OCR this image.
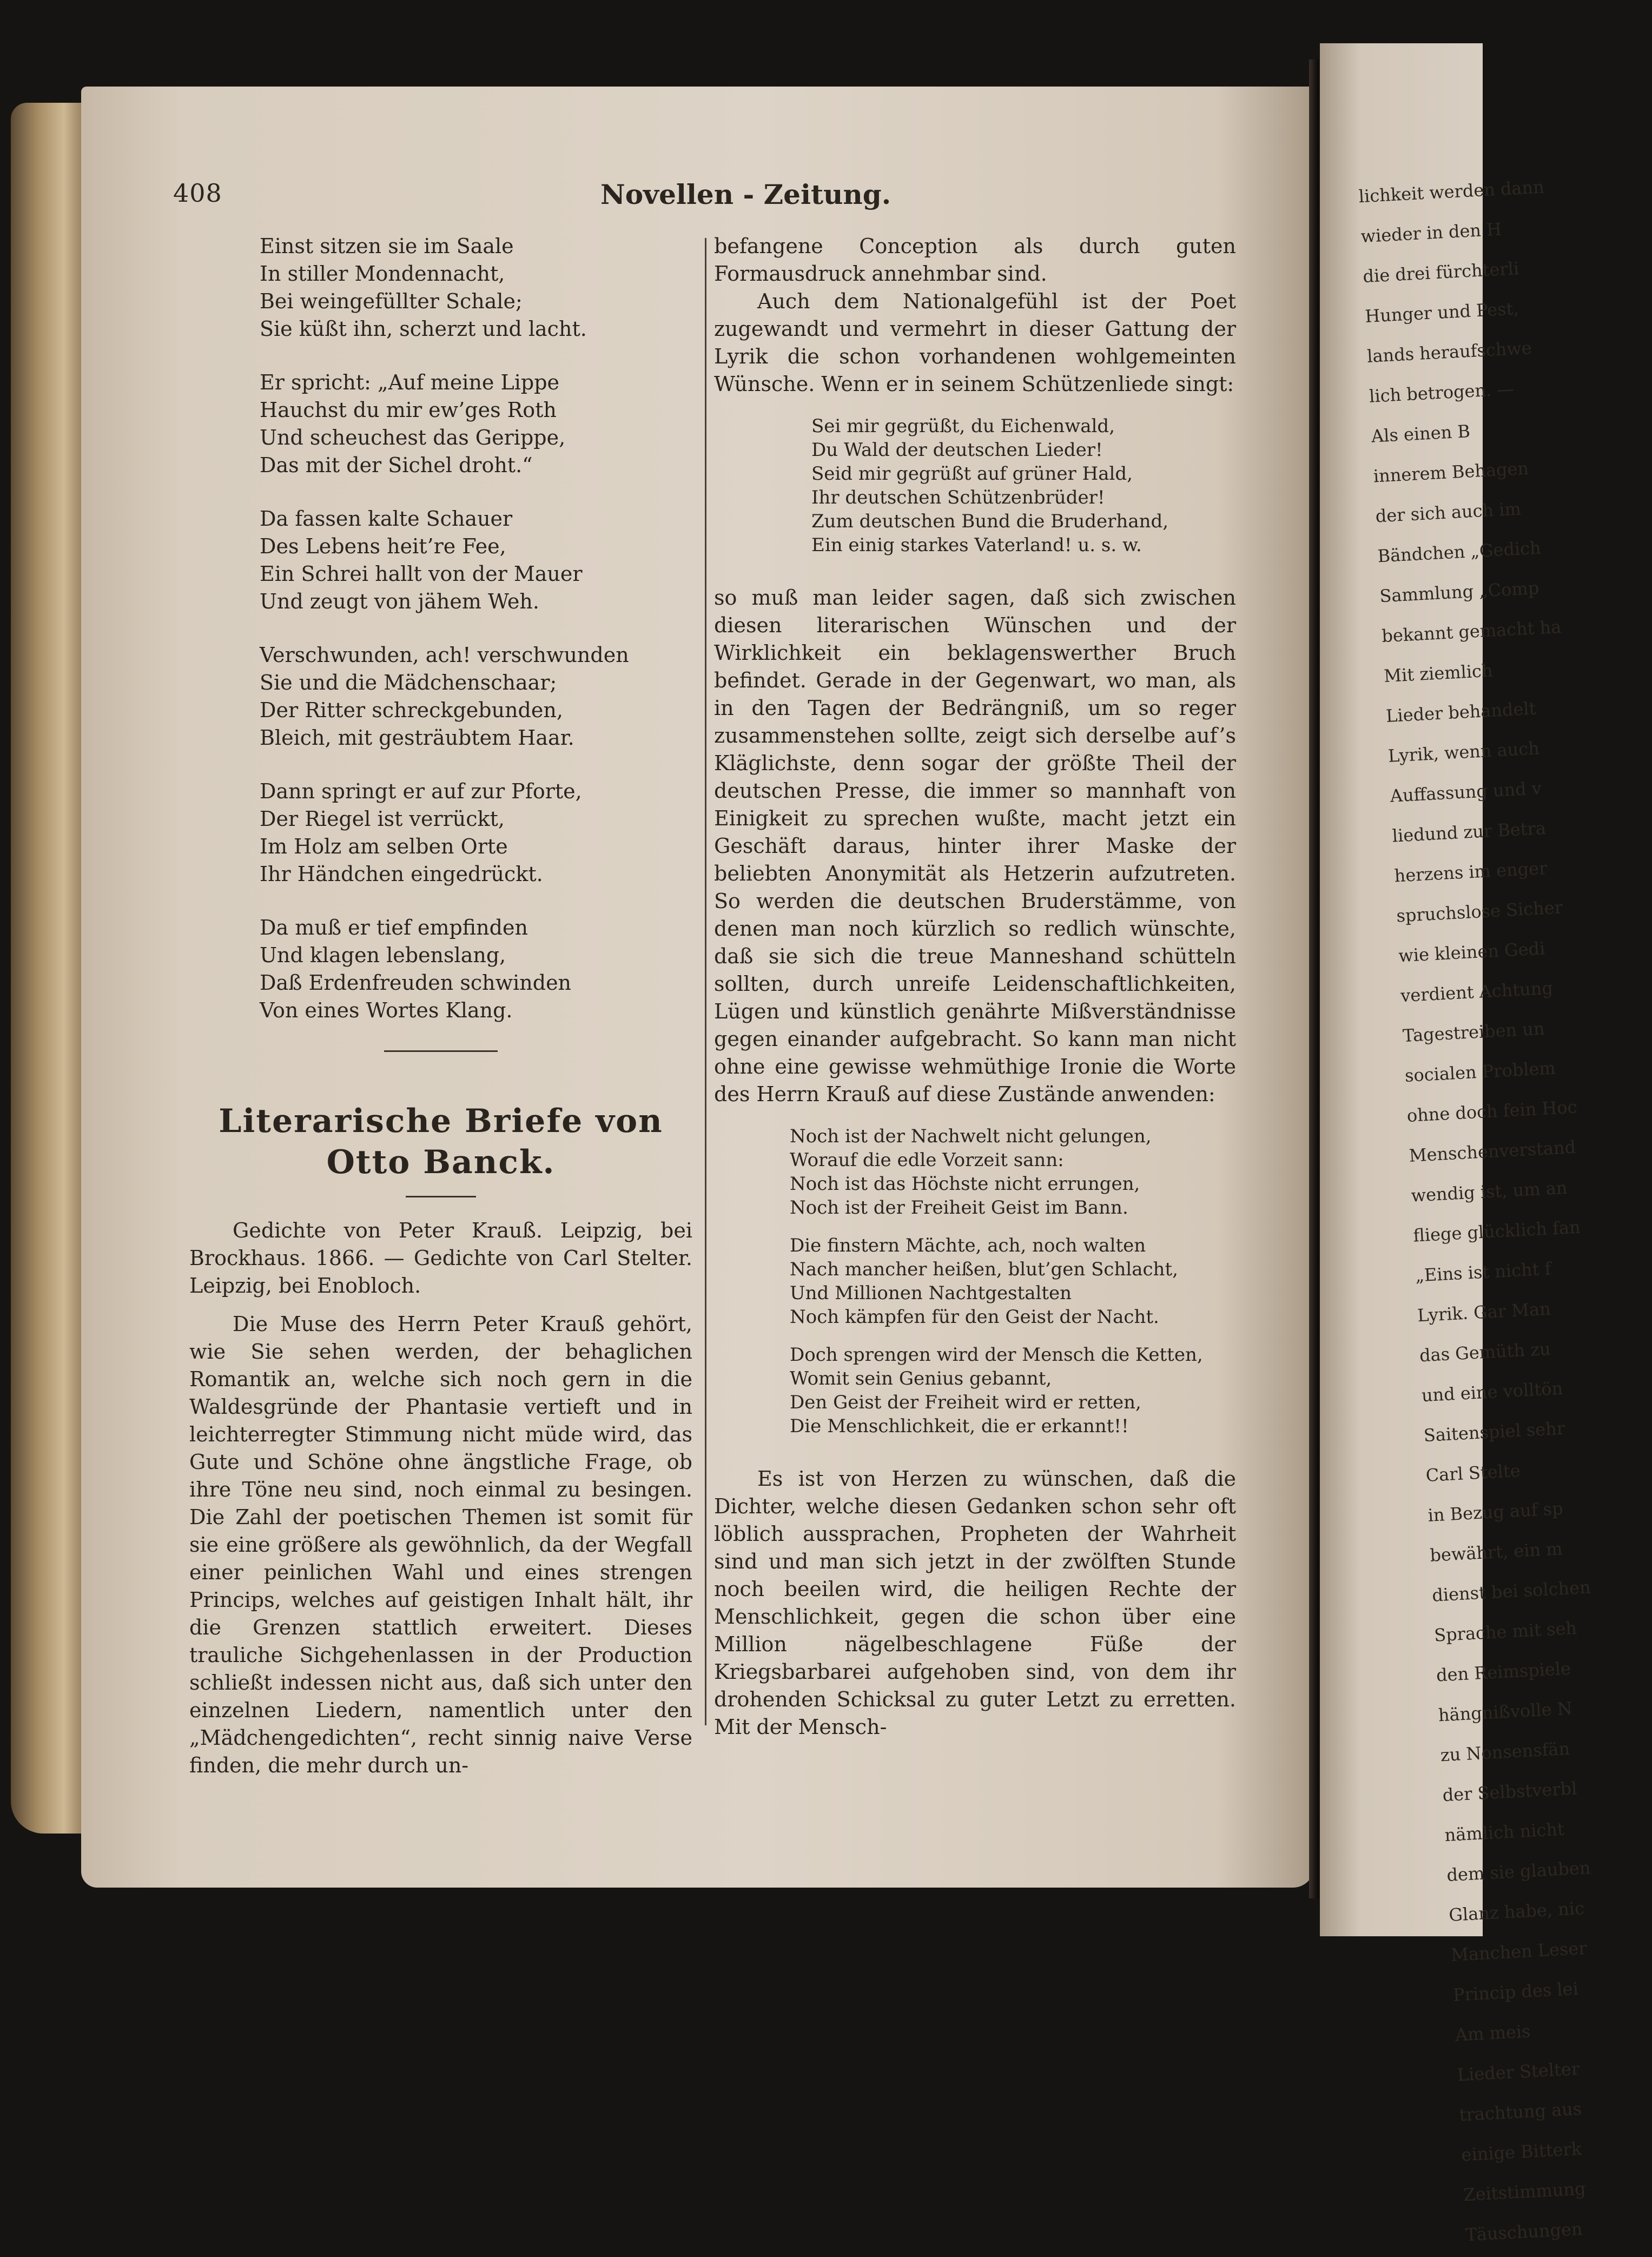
lichkeit werden dann
wieder in den H
die drei fürchterli
Hunger und Pest,
lands heraufschwe
lich betrogen. —
Als einen B
innerem Behagen
der sich auch im
Bändchen „Gedich
Sammlung „Comp
bekannt gemacht ha
Mit ziemlich
Lieder behandelt
Lyrik, wenn auch
Auffassung und v
liedund zur Betra
herzens im enger
spruchslose Sicher
wie kleinen Gedi
verdient Achtung
Tagestreiben un
socialen Problem
ohne doch fein Hoc
Menschenverstand
wendig ist, um an
fliege glücklich fan
„Eins ist nicht f
Lyrik. Gar Man
das Gemüth zu
und eine volltön
Saitenspiel sehr
Carl Stelte
in Bezug auf sp
bewährt, ein m
dienst bei solchen
Sprache mit seh
den Reimspiele
hängnißvolle N
zu Nonsensfän
der Selbstverbl
nämlich nicht
dem sie glauben
Glanz habe, nic
Manchen Leser
Princip des lei
Am meis
Lieder Stelter
trachtung aus
einige Bitterk
Zeitstimmung
Täuschungen
408	Novellen - Zeitung.
Einst sitzen sie im Saale
In stiller Mondennacht,
Bei weingefüllter Schale;
Sie küßt ihn, scherzt und lacht.
Er spricht: „Auf meine Lippe
Hauchst du mir ew’ges Roth
Und scheuchest das Gerippe,
Das mit der Sichel droht.“
Da fassen kalte Schauer
Des Lebens heit’re Fee,
Ein Schrei hallt von der Mauer
Und zeugt von jähem Weh.
Verschwunden, ach! verschwunden
Sie und die Mädchenschaar;
Der Ritter schreckgebunden,
Bleich, mit gesträubtem Haar.
Dann springt er auf zur Pforte,
Der Riegel ist verrückt,
Im Holz am selben Orte
Ihr Händchen eingedrückt.
Da muß er tief empfinden
Und klagen lebenslang,
Daß Erdenfreuden schwinden
Von eines Wortes Klang.
Literarische Briefe von Otto Banck.

Gedichte von Peter Krauß. Leipzig, bei Brockhaus. 1866. — Gedichte von Carl Stelter. Leipzig, bei Enobloch.

Die Muse des Herrn Peter Krauß gehört, wie Sie sehen werden, der behaglichen Romantik an, welche sich noch gern in die Waldesgründe der Phantasie vertieft und in leichterregter Stimmung nicht müde wird, das Gute und Schöne ohne ängstliche Frage, ob ihre Töne neu sind, noch einmal zu besingen. Die Zahl der poetischen Themen ist somit für sie eine größere als gewöhnlich, da der Wegfall einer peinlichen Wahl und eines strengen Princips, welches auf geistigen Inhalt hält, ihr die Grenzen stattlich erweitert. Dieses trauliche Sichgehenlassen in der Production schließt indessen nicht aus, daß sich unter den einzelnen Liedern, namentlich unter den „Mädchengedichten“, recht sinnig naive Verse finden, die mehr durch un-

befangene Conception als durch guten Formausdruck annehmbar sind.

Auch dem Nationalgefühl ist der Poet zugewandt und vermehrt in dieser Gattung der Lyrik die schon vorhandenen wohlgemeinten Wünsche. Wenn er in seinem Schützenliede singt:

Sei mir gegrüßt, du Eichenwald,
Du Wald der deutschen Lieder!
Seid mir gegrüßt auf grüner Hald,
Ihr deutschen Schützenbrüder!
Zum deutschen Bund die Bruderhand,
Ein einig starkes Vaterland! u. s. w.

so muß man leider sagen, daß sich zwischen diesen literarischen Wünschen und der Wirklichkeit ein beklagenswerther Bruch befindet. Gerade in der Gegenwart, wo man, als in den Tagen der Bedrängniß, um so reger zusammenstehen sollte, zeigt sich derselbe auf’s Kläglichste, denn sogar der größte Theil der deutschen Presse, die immer so mannhaft von Einigkeit zu sprechen wußte, macht jetzt ein Geschäft daraus, hinter ihrer Maske der beliebten Anonymität als Hetzerin aufzutreten. So werden die deutschen Bruderstämme, von denen man noch kürzlich so redlich wünschte, daß sie sich die treue Manneshand schütteln sollten, durch unreife Leidenschaftlichkeiten, Lügen und künstlich genährte Mißverständnisse gegen einander aufgebracht. So kann man nicht ohne eine gewisse wehmüthige Ironie die Worte des Herrn Krauß auf diese Zustände anwenden:

Noch ist der Nachwelt nicht gelungen,
Worauf die edle Vorzeit sann:
Noch ist das Höchste nicht errungen,
Noch ist der Freiheit Geist im Bann.
Die finstern Mächte, ach, noch walten
Nach mancher heißen, blut’gen Schlacht,
Und Millionen Nachtgestalten
Noch kämpfen für den Geist der Nacht.
Doch sprengen wird der Mensch die Ketten,
Womit sein Genius gebannt,
Den Geist der Freiheit wird er retten,
Die Menschlichkeit, die er erkannt!!

Es ist von Herzen zu wünschen, daß die Dichter, welche diesen Gedanken schon sehr oft löblich aussprachen, Propheten der Wahrheit sind und man sich jetzt in der zwölften Stunde noch beeilen wird, die heiligen Rechte der Menschlichkeit, gegen die schon über eine Million nägelbeschlagene Füße der Kriegsbarbarei aufgehoben sind, von dem ihr drohenden Schicksal zu guter Letzt zu erretten. Mit der Mensch-
